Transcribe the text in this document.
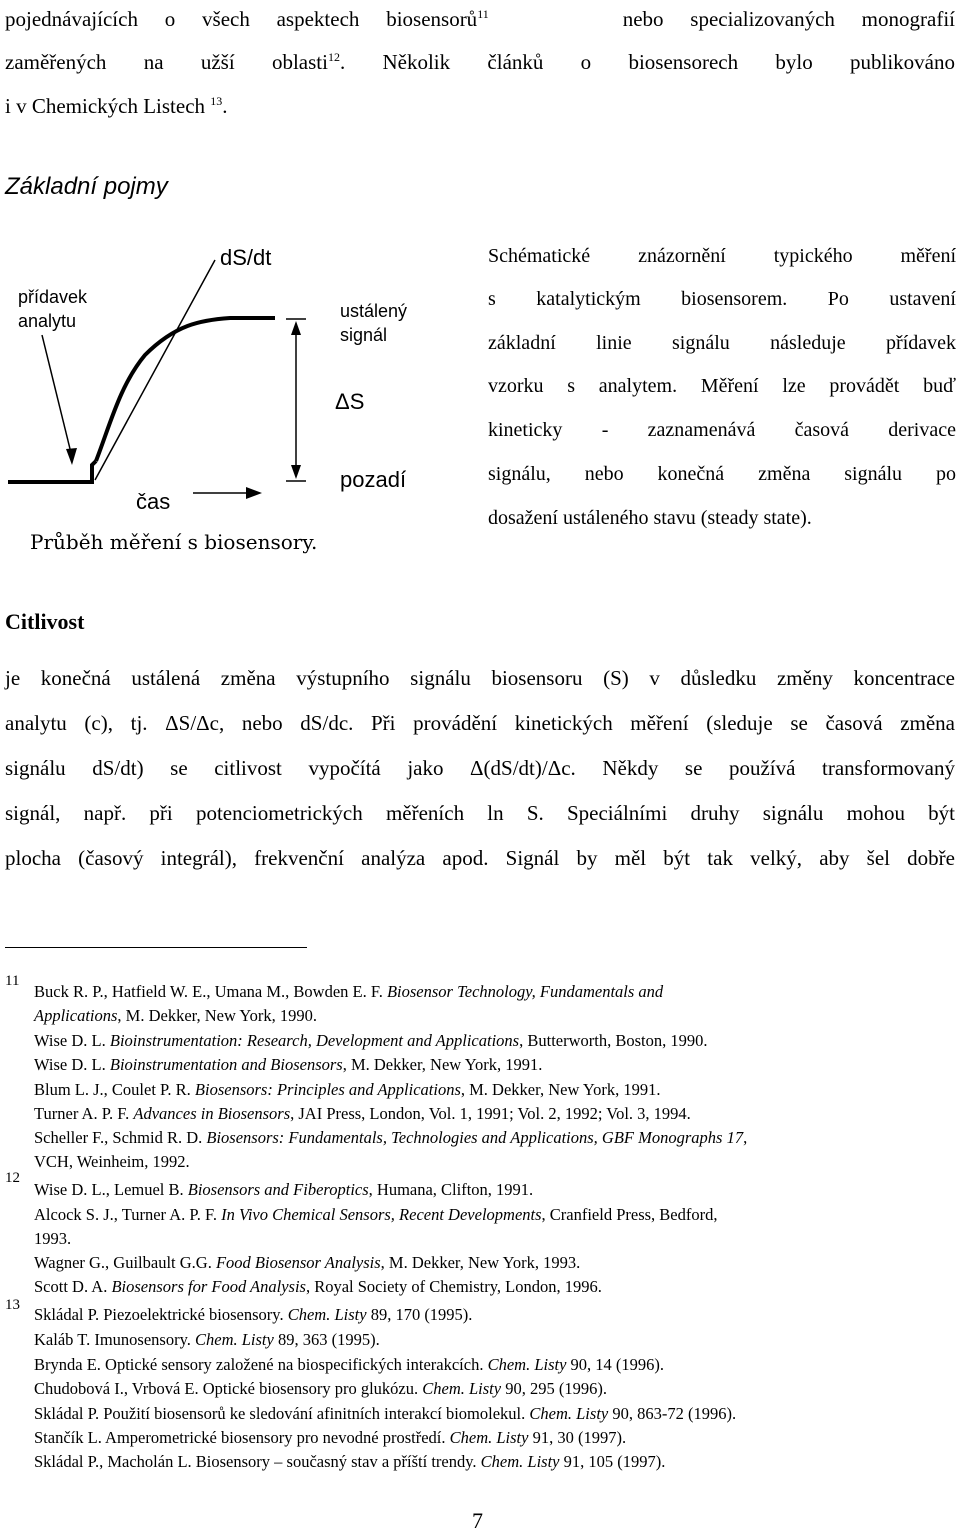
pojednávajících o všech aspektech biosensorů$^{11}$	nebo specializovaných monografií
zaměřených na užší oblasti$^{12}$. Několik článků o biosensorech bylo publikováno
i v Chemických Listech $^{13}$.
Základní pojmy
přídavek
analytu
dS/dt
ustálený
signál
ΔS
pozadí
čas
Průběh měření s biosensory.
Schématické znázornění typického měření
s katalytickým biosensorem. Po ustavení
základní linie signálu následuje přídavek
vzorku s analytem. Měření lze provádět buď
kineticky - zaznamenává časová derivace
signálu, nebo konečná změna signálu po
dosažení ustáleného stavu (steady state).
Citlivost
je konečná ustálená změna výstupního signálu biosensoru (S) v důsledku změny koncentrace
analytu (c), tj. ΔS/Δc, nebo dS/dc. Při provádění kinetických měření (sleduje se časová změna
signálu dS/dt) se citlivost vypočítá jako Δ(dS/dt)/Δc. Někdy se používá transformovaný
signál, např. při potenciometrických měřeních ln S. Speciálními druhy signálu mohou být
plocha (časový integrál), frekvenční analýza apod. Signál by měl být tak velký, aby šel dobře
11
12
13
Buck R. P., Hatfield W. E., Umana M., Bowden E. F. Biosensor Technology, Fundamentals and
Applications, M. Dekker, New York, 1990.
Wise D. L. Bioinstrumentation: Research, Development and Applications, Butterworth, Boston, 1990.
Wise D. L. Bioinstrumentation and Biosensors, M. Dekker, New York, 1991.
Blum L. J., Coulet P. R. Biosensors: Principles and Applications, M. Dekker, New York, 1991.
Turner A. P. F. Advances in Biosensors, JAI Press, London, Vol. 1, 1991; Vol. 2, 1992; Vol. 3, 1994.
Scheller F., Schmid R. D. Biosensors: Fundamentals, Technologies and Applications, GBF Monographs 17,
VCH, Weinheim, 1992.
Wise D. L., Lemuel B. Biosensors and Fiberoptics, Humana, Clifton, 1991.
Alcock S. J., Turner A. P. F. In Vivo Chemical Sensors, Recent Developments, Cranfield Press, Bedford,
1993.
Wagner G., Guilbault G.G. Food Biosensor Analysis, M. Dekker, New York, 1993.
Scott D. A. Biosensors for Food Analysis, Royal Society of Chemistry, London, 1996.
Skládal P. Piezoelektrické biosensory. Chem. Listy 89, 170 (1995).
Kaláb T. Imunosensory. Chem. Listy 89, 363 (1995).
Brynda E. Optické sensory založené na biospecifických interakcích. Chem. Listy 90, 14 (1996).
Chudobová I., Vrbová E. Optické biosensory pro glukózu. Chem. Listy 90, 295 (1996).
Skládal P. Použití biosensorů ke sledování afinitních interakcí biomolekul. Chem. Listy 90, 863-72 (1996).
Stančík L. Amperometrické biosensory pro nevodné prostředí. Chem. Listy 91, 30 (1997).
Skládal P., Macholán L. Biosensory – současný stav a příští trendy. Chem. Listy 91, 105 (1997).
7
